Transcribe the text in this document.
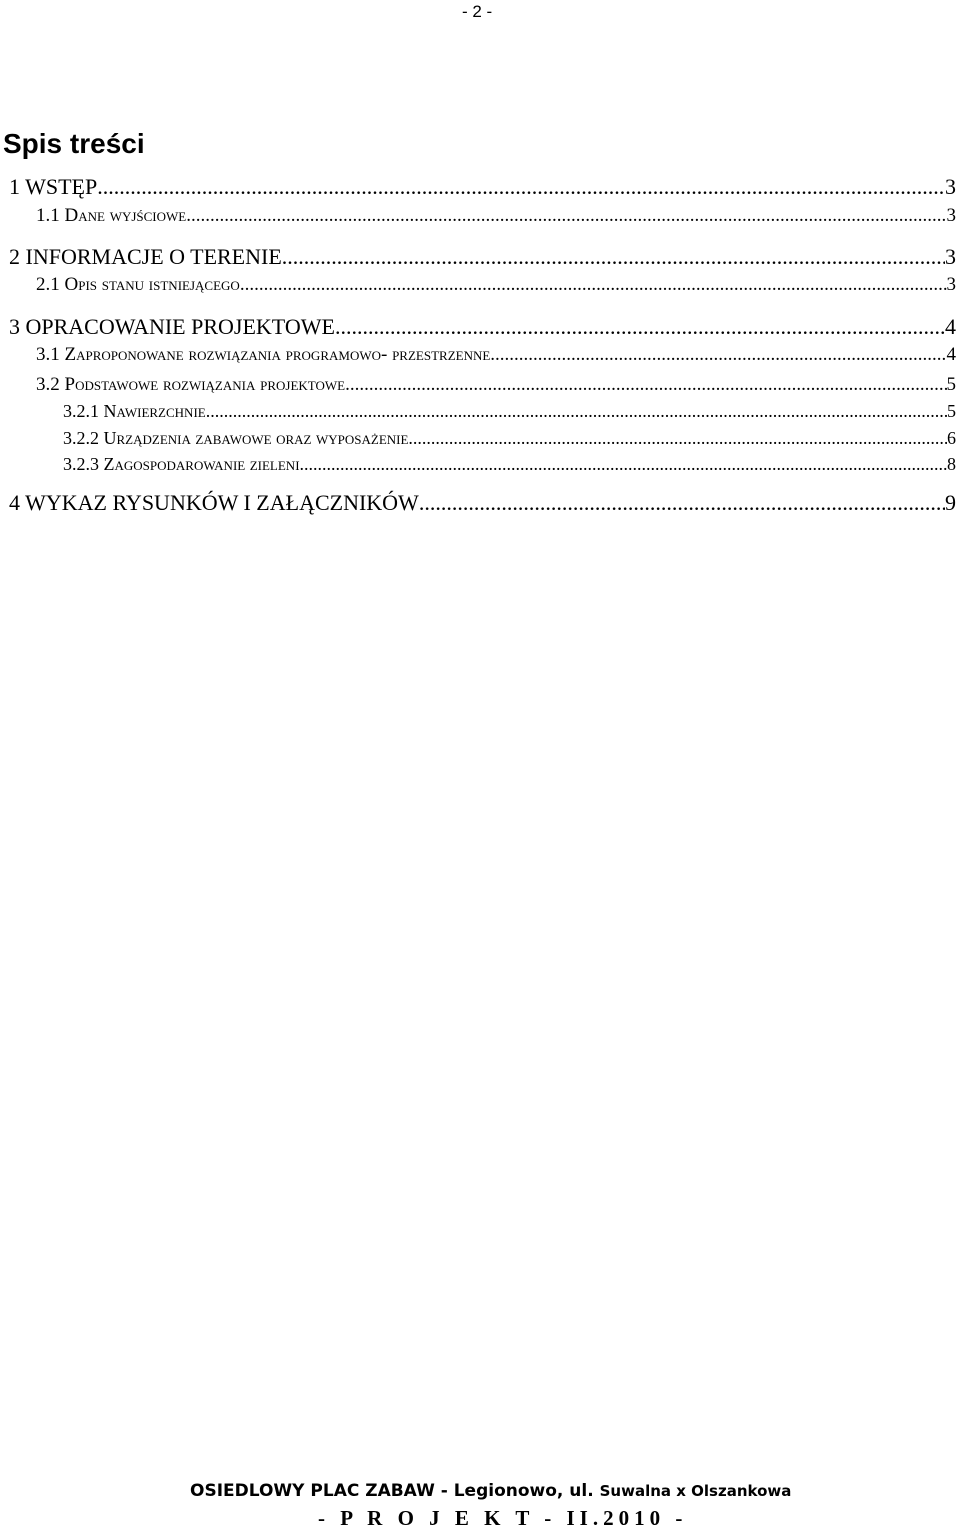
- 2 -
Spis treści
1 WSTĘP .....	3
1.1 Dane wyjściowe .....	3
2 INFORMACJE O TERENIE .....	3
2.1 Opis stanu istniejącego .....	3
3 OPRACOWANIE PROJEKTOWE .....	4
3.1 Zaproponowane rozwiązania programowo- przestrzenne .....	4
3.2 Podstawowe rozwiązania projektowe .....	5
3.2.1 Nawierzchnie .....	5
3.2.2 Urządzenia zabawowe oraz wyposażenie .....	6
3.2.3 Zagospodarowanie zieleni .....	8
4 WYKAZ RYSUNKÓW I ZAŁĄCZNIKÓW .....	9
OSIEDLOWY PLAC ZABAW - Legionowo, ul. Suwalna x Olszankowa
- P R O J E K T - II.2010 -
